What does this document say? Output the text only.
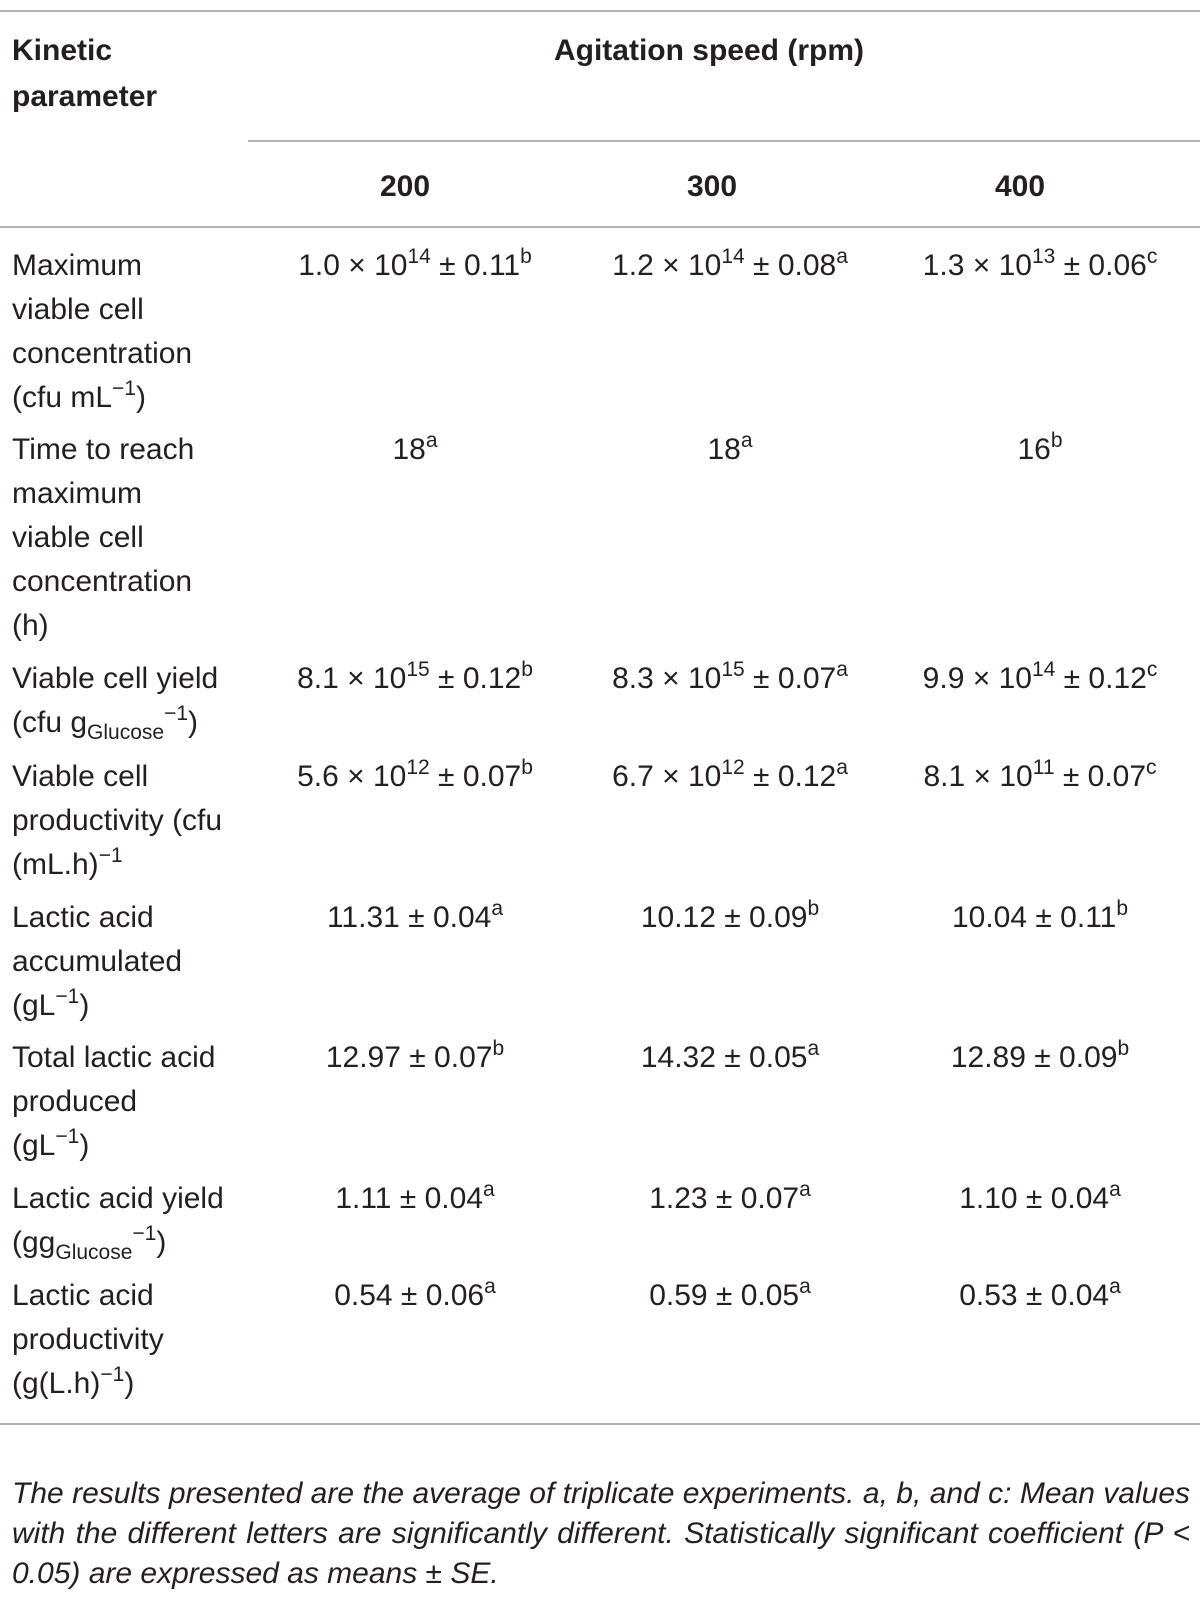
Kinetic
parameter
Agitation speed (rpm)
200	300	400
Maximum
viable cell
concentration
(cfu $mL^{-1}$)
$1.0 \times 10^{14} \pm 0.11^b$	$1.2 \times 10^{14} \pm 0.08^a$	$1.3 \times 10^{13} \pm 0.06^c$
Time to reach
maximum
viable cell
concentration
(h)
18$^a$	18$^a$	16$^b$
Viable cell yield
(cfu $g_{Glucose}^{-1}$)
$8.1 \times 10^{15} \pm 0.12^b$	$8.3 \times 10^{15} \pm 0.07^a$	$9.9 \times 10^{14} \pm 0.12^c$
Viable cell
productivity (cfu
$(mL.h)^{-1}$
$5.6 \times 10^{12} \pm 0.07^b$	$6.7 \times 10^{12} \pm 0.12^a$	$8.1 \times 10^{11} \pm 0.07^c$
Lactic acid
accumulated
$(gL^{-1})$
11.31 ± 0.04$^a$	10.12 ± 0.09$^b$	10.04 ± 0.11$^b$
Total lactic acid
produced
$(gL^{-1})$
12.97 ± 0.07$^b$	14.32 ± 0.05$^a$	12.89 ± 0.09$^b$
Lactic acid yield
$(gg_{Glucose}^{-1})$
1.11 ± 0.04$^a$	1.23 ± 0.07$^a$	1.10 ± 0.04$^a$
Lactic acid
productivity
$(g(L.h)^{-1})$
0.54 ± 0.06$^a$	0.59 ± 0.05$^a$	0.53 ± 0.04$^a$
The results presented are the average of triplicate experiments. a, b, and c: Mean values with the different letters are significantly different. Statistically significant coefficient (P < 0.05) are expressed as means ± SE.
